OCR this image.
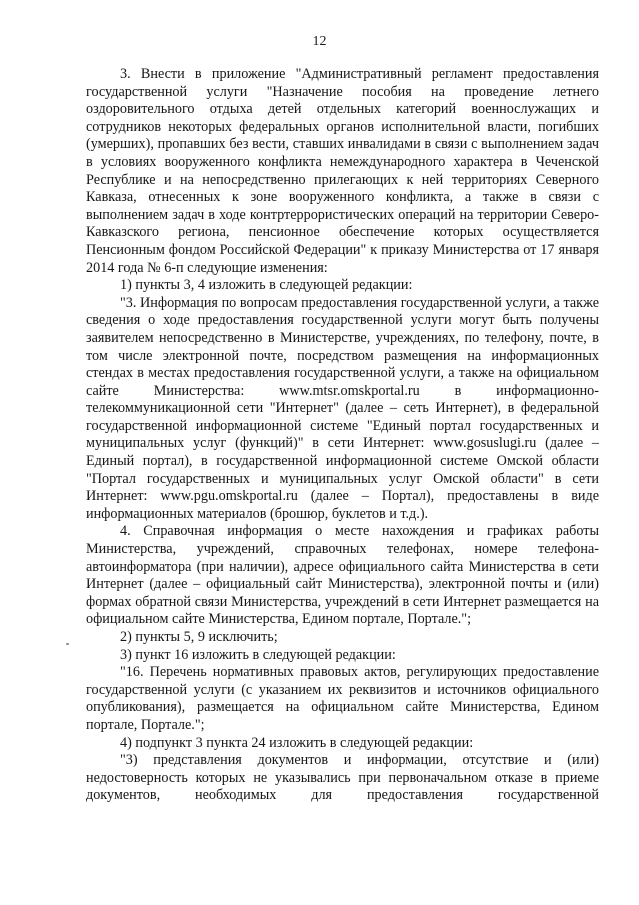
12

3. Внести в приложение "Административный регламент предоставления государственной услуги "Назначение пособия на проведение летнего оздоровительного отдыха детей отдельных категорий военнослужащих и сотрудников некоторых федеральных органов исполнительной власти, погибших (умерших), пропавших без вести, ставших инвалидами в связи с выполнением задач в условиях вооруженного конфликта немеждународного характера в Чеченской Республике и на непосредственно прилегающих к ней территориях Северного Кавказа, отнесенных к зоне вооруженного конфликта, а также в связи с выполнением задач в ходе контртеррористических операций на территории Северо-Кавказского региона, пенсионное обеспечение которых осуществляется Пенсионным фондом Российской Федерации" к приказу Министерства от 17 января 2014 года № 6-п следующие изменения:

1) пункты 3, 4 изложить в следующей редакции:

"3. Информация по вопросам предоставления государственной услуги, а также сведения о ходе предоставления государственной услуги могут быть получены заявителем непосредственно в Министерстве, учреждениях, по телефону, почте, в том числе электронной почте, посредством размещения на информационных стендах в местах предоставления государственной услуги, а также на официальном сайте Министерства: www.mtsr.omskportal.ru в информационно-телекоммуникационной сети "Интернет" (далее – сеть Интернет), в федеральной государственной информационной системе "Единый портал государственных и муниципальных услуг (функций)" в сети Интернет: www.gosuslugi.ru (далее – Единый портал), в государственной информационной системе Омской области "Портал государственных и муниципальных услуг Омской области" в сети Интернет: www.pgu.omskportal.ru (далее – Портал), предоставлены в виде информационных материалов (брошюр, буклетов и т.д.).

4. Справочная информация о месте нахождения и графиках работы Министерства, учреждений, справочных телефонах, номере телефона-автоинформатора (при наличии), адресе официального сайта Министерства в сети Интернет (далее – официальный сайт Министерства), электронной почты и (или) формах обратной связи Министерства, учреждений в сети Интернет размещается на официальном сайте Министерства, Едином портале, Портале.";

2) пункты 5, 9 исключить;

3) пункт 16 изложить в следующей редакции:

"16. Перечень нормативных правовых актов, регулирующих предоставление государственной услуги (с указанием их реквизитов и источников официального опубликования), размещается на официальном сайте Министерства, Едином портале, Портале.";

4) подпункт 3 пункта 24 изложить в следующей редакции:

"3) представления документов и информации, отсутствие и (или) недостоверность которых не указывались при первоначальном отказе в приеме документов, необходимых для предоставления государственной
